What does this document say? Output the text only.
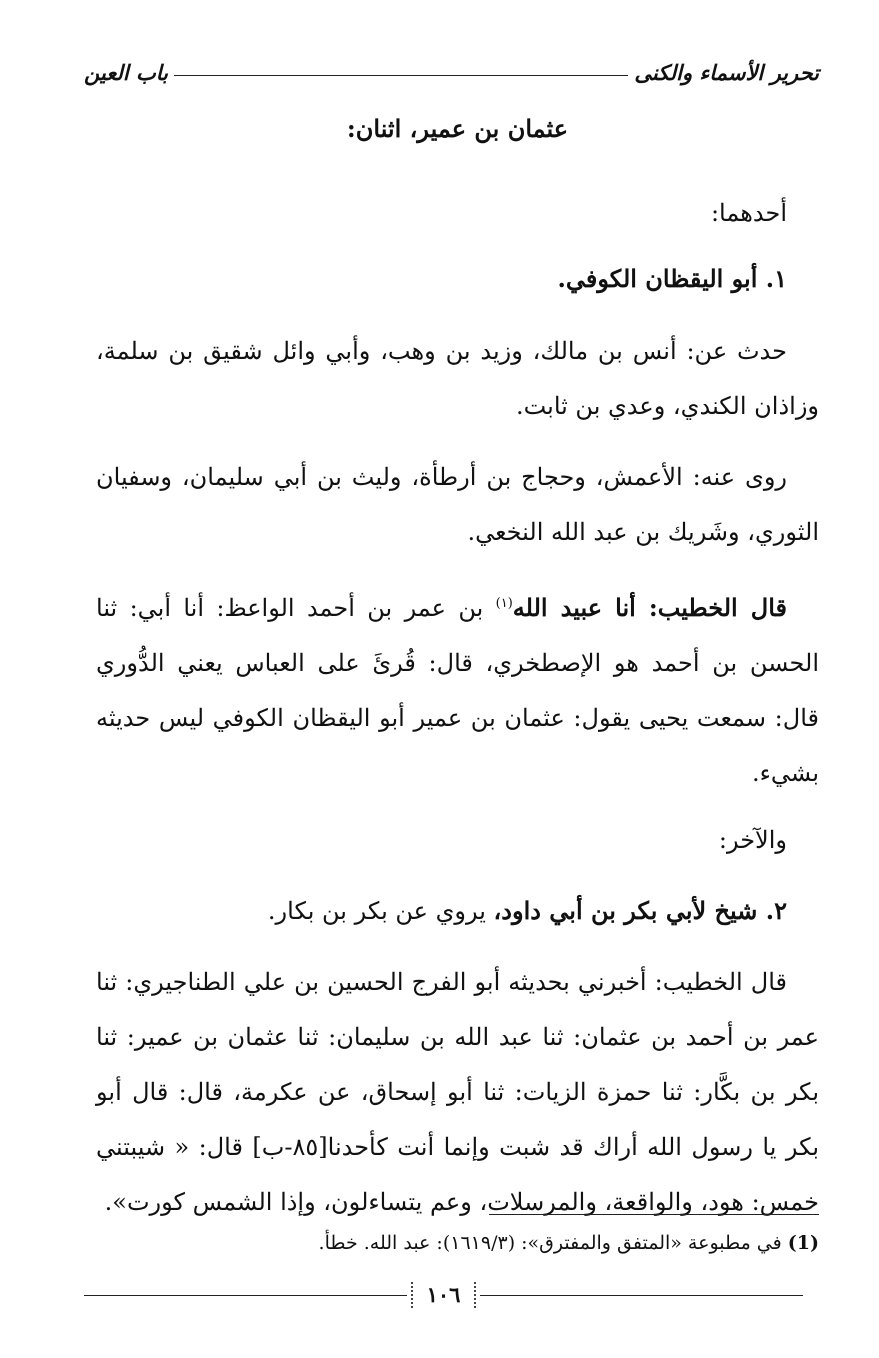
تحرير الأسماء والكنى
باب العين
عثمان بن عمير، اثنان:
أحدهما:
١. أبو اليقظان الكوفي.

حدث عن: أنس بن مالك، وزيد بن وهب، وأبي وائل شقيق بن سلمة، وزاذان الكندي، وعدي بن ثابت.

روى عنه: الأعمش، وحجاج بن أرطأة، وليث بن أبي سليمان، وسفيان الثوري، وشَريك بن عبد الله النخعي.

قال الخطيب: أنا عبيد الله$^{(١)}$ بن عمر بن أحمد الواعظ: أنا أبي: ثنا الحسن بن أحمد هو الإصطخري، قال: قُرئَ على العباس يعني الدُّوري قال: سمعت يحيى يقول: عثمان بن عمير أبو اليقظان الكوفي ليس حديثه بشيء.

والآخر:

٢. شيخ لأبي بكر بن أبي داود، يروي عن بكر بن بكار.

قال الخطيب: أخبرني بحديثه أبو الفرج الحسين بن علي الطناجيري: ثنا عمر بن أحمد بن عثمان: ثنا عبد الله بن سليمان: ثنا عثمان بن عمير: ثنا بكر بن بكَّار: ثنا حمزة الزيات: ثنا أبو إسحاق، عن عكرمة، قال: قال أبو بكر يا رسول الله أراك قد شبت وإنما أنت كأحدنا[٨٥-ب] قال: « شيبتني خمس: هود، والواقعة، والمرسلات، وعم يتساءلون، وإذا الشمس كورت».

(1) في مطبوعة «المتفق والمفترق»: (١٦١٩/٣): عبد الله. خطأ.
١٠٦
